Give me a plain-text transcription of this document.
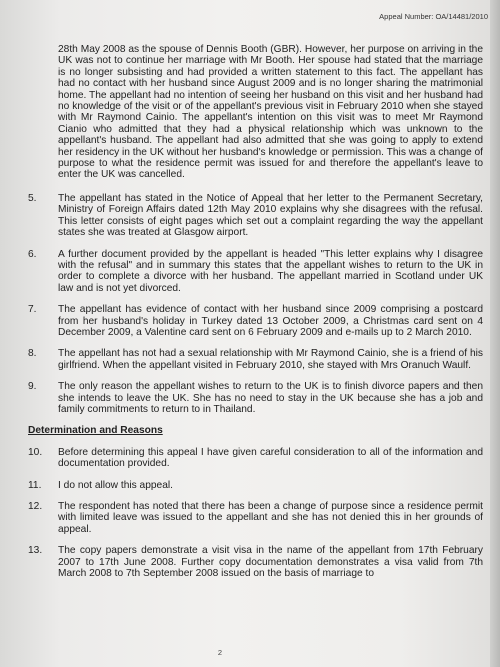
Appeal Number: OA/14481/2010
28th May 2008 as the spouse of Dennis Booth (GBR). However, her purpose on arriving in the UK was not to continue her marriage with Mr Booth. Her spouse had stated that the marriage is no longer subsisting and had provided a written statement to this fact. The appellant has had no contact with her husband since August 2009 and is no longer sharing the matrimonial home. The appellant had no intention of seeing her husband on this visit and her husband had no knowledge of the visit or of the appellant's previous visit in February 2010 when she stayed with Mr Raymond Cainio. The appellant's intention on this visit was to meet Mr Raymond Cianio who admitted that they had a physical relationship which was unknown to the appellant's husband. The appellant had also admitted that she was going to apply to extend her residency in the UK without her husband's knowledge or permission. This was a change of purpose to what the residence permit was issued for and therefore the appellant's leave to enter the UK was cancelled.
5.	The appellant has stated in the Notice of Appeal that her letter to the Permanent Secretary, Ministry of Foreign Affairs dated 12th May 2010 explains why she disagrees with the refusal. This letter consists of eight pages which set out a complaint regarding the way the appellant states she was treated at Glasgow airport.
6.	A further document provided by the appellant is headed "This letter explains why I disagree with the refusal" and in summary this states that the appellant wishes to return to the UK in order to complete a divorce with her husband. The appellant married in Scotland under UK law and is not yet divorced.
7.	The appellant has evidence of contact with her husband since 2009 comprising a postcard from her husband's holiday in Turkey dated 13 October 2009, a Christmas card sent on 4 December 2009, a Valentine card sent on 6 February 2009 and e-mails up to 2 March 2010.
8.	The appellant has not had a sexual relationship with Mr Raymond Cainio, she is a friend of his girlfriend. When the appellant visited in February 2010, she stayed with Mrs Oranuch Waulf.
9.	The only reason the appellant wishes to return to the UK is to finish divorce papers and then she intends to leave the UK. She has no need to stay in the UK because she has a job and family commitments to return to in Thailand.
Determination and Reasons
10.	Before determining this appeal I have given careful consideration to all of the information and documentation provided.
11.	I do not allow this appeal.
12.	The respondent has noted that there has been a change of purpose since a residence permit with limited leave was issued to the appellant and she has not denied this in her grounds of appeal.
13.	The copy papers demonstrate a visit visa in the name of the appellant from 17th February 2007 to 17th June 2008. Further copy documentation demonstrates a visa valid from 7th March 2008 to 7th September 2008 issued on the basis of marriage to
2
